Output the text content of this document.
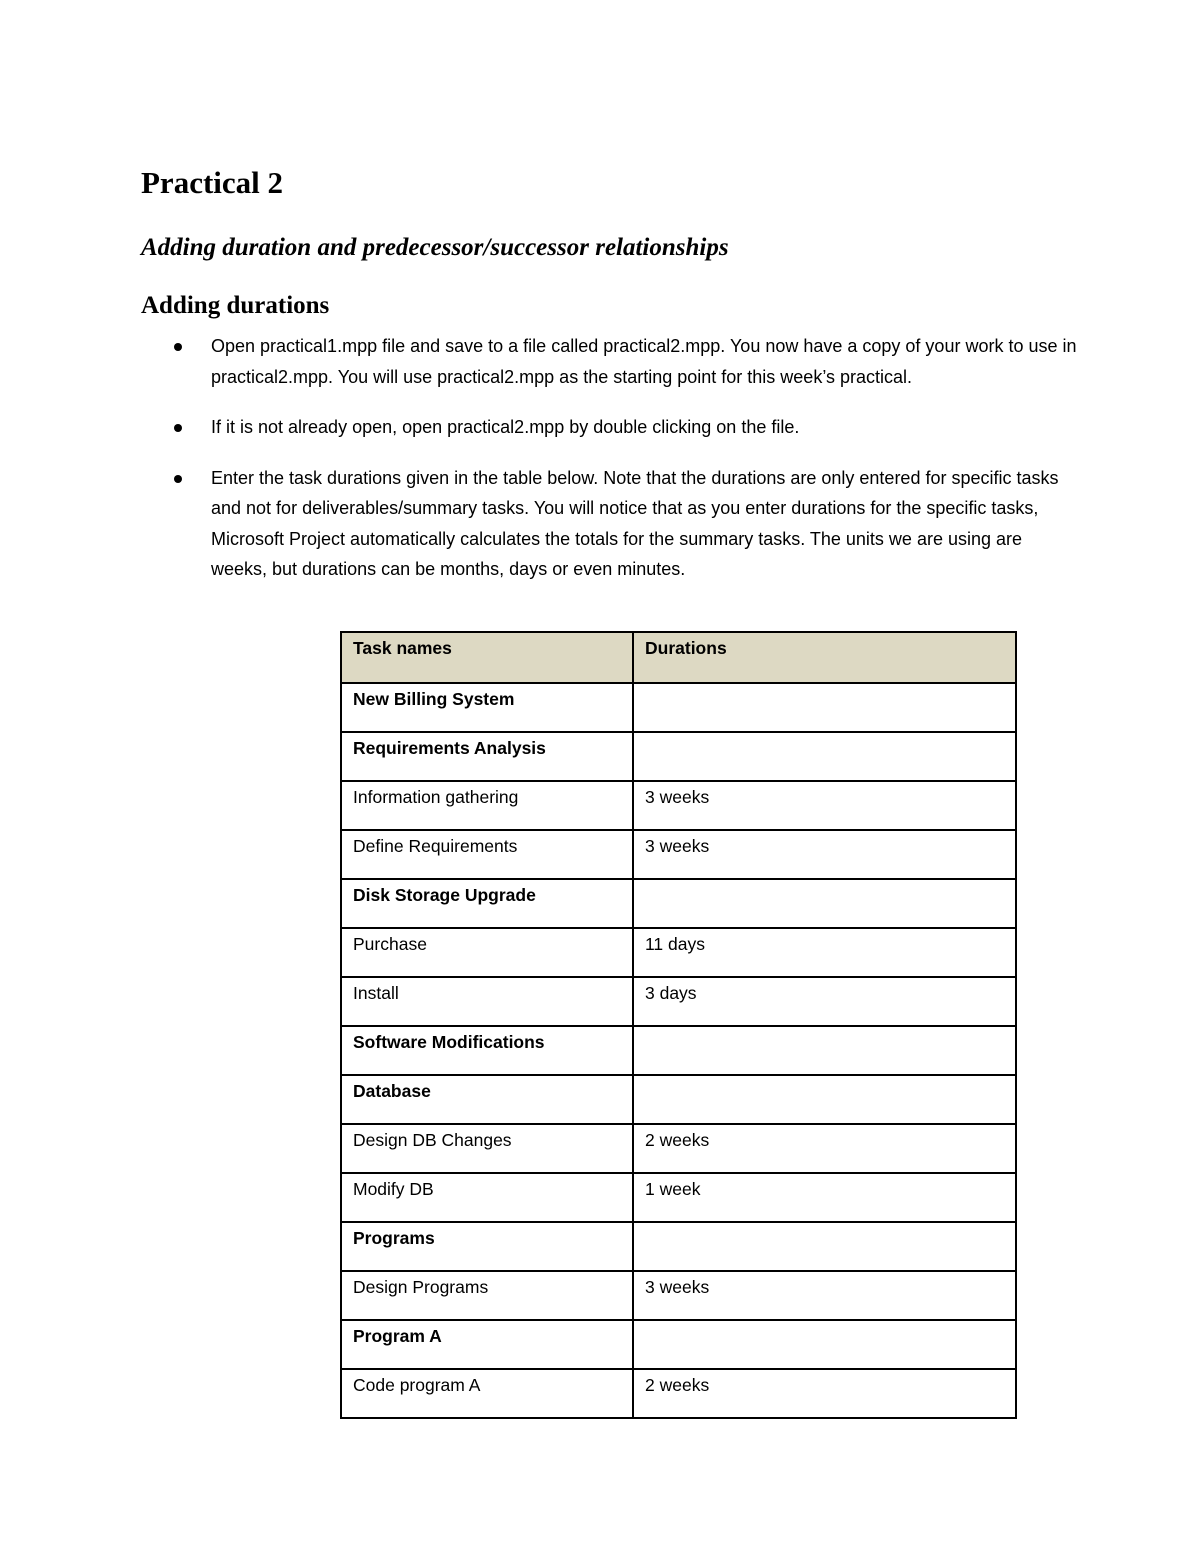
Practical 2
Adding duration and predecessor/successor relationships
Adding durations
Open practical1.mpp file and save to a file called practical2.mpp. You now have a copy of your work to use in practical2.mpp. You will use practical2.mpp as the starting point for this week’s practical.
If it is not already open, open practical2.mpp by double clicking on the file.
Enter the task durations given in the table below. Note that the durations are only entered for specific tasks and not for deliverables/summary tasks. You will notice that as you enter durations for the specific tasks, Microsoft Project automatically calculates the totals for the summary tasks. The units we are using are weeks, but durations can be months, days or even minutes.
Task names	Durations
New Billing System	
Requirements Analysis	
Information gathering	3 weeks
Define Requirements	3 weeks
Disk Storage Upgrade	
Purchase	11 days
Install	3 days
Software Modifications	
Database	
Design DB Changes	2 weeks
Modify DB	1 week
Programs	
Design Programs	3 weeks
Program A	
Code program A	2 weeks
